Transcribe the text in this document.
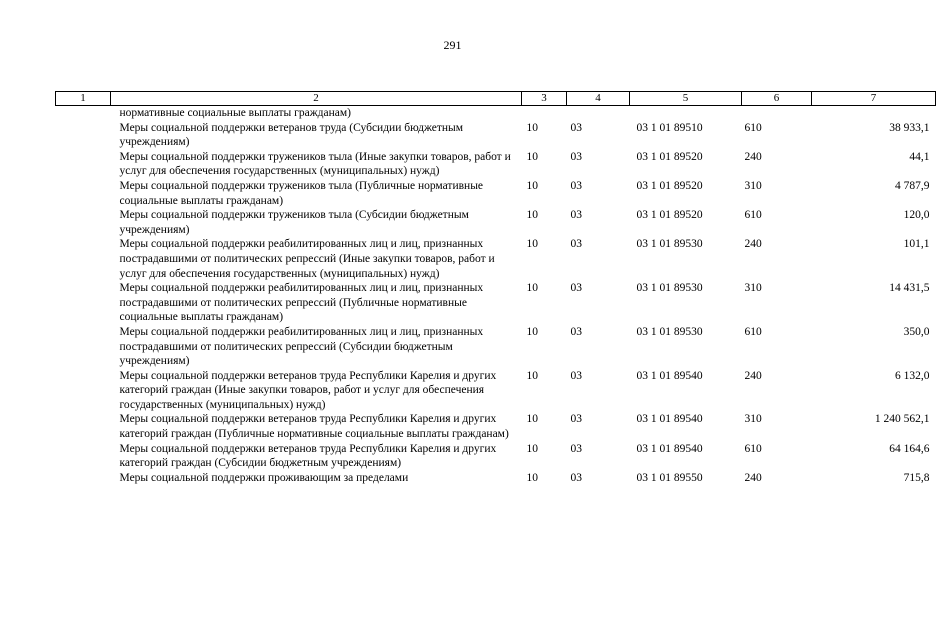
291
1	2	3	4	5	6	7
	нормативные социальные выплаты гражданам)					
	Меры социальной поддержки ветеранов труда (Субсидии бюджетным учреждениям)	10	03	03 1 01 89510	610	38 933,1
	Меры социальной поддержки тружеников тыла (Иные закупки товаров, работ и услуг для обеспечения государственных (муниципальных) нужд)	10	03	03 1 01 89520	240	44,1
	Меры социальной поддержки тружеников тыла (Публичные нормативные социальные выплаты гражданам)	10	03	03 1 01 89520	310	4 787,9
	Меры социальной поддержки тружеников тыла (Субсидии бюджетным учреждениям)	10	03	03 1 01 89520	610	120,0
	Меры социальной поддержки реабилитированных лиц и лиц, признанных пострадавшими от политических репрессий (Иные закупки товаров, работ и услуг для обеспечения государственных (муниципальных) нужд)	10	03	03 1 01 89530	240	101,1
	Меры социальной поддержки реабилитированных лиц и лиц, признанных пострадавшими от политических репрессий (Публичные нормативные социальные выплаты гражданам)	10	03	03 1 01 89530	310	14 431,5
	Меры социальной поддержки реабилитированных лиц и лиц, признанных пострадавшими от политических репрессий (Субсидии бюджетным учреждениям)	10	03	03 1 01 89530	610	350,0
	Меры социальной поддержки ветеранов труда Республики Карелия и других категорий граждан (Иные закупки товаров, работ и услуг для обеспечения государственных (муниципальных) нужд)	10	03	03 1 01 89540	240	6 132,0
	Меры социальной поддержки ветеранов труда Республики Карелия и других категорий граждан (Публичные нормативные социальные выплаты гражданам)	10	03	03 1 01 89540	310	1 240 562,1
	Меры социальной поддержки ветеранов труда Республики Карелия и других категорий граждан (Субсидии бюджетным учреждениям)	10	03	03 1 01 89540	610	64 164,6
	Меры социальной поддержки проживающим за пределами	10	03	03 1 01 89550	240	715,8
